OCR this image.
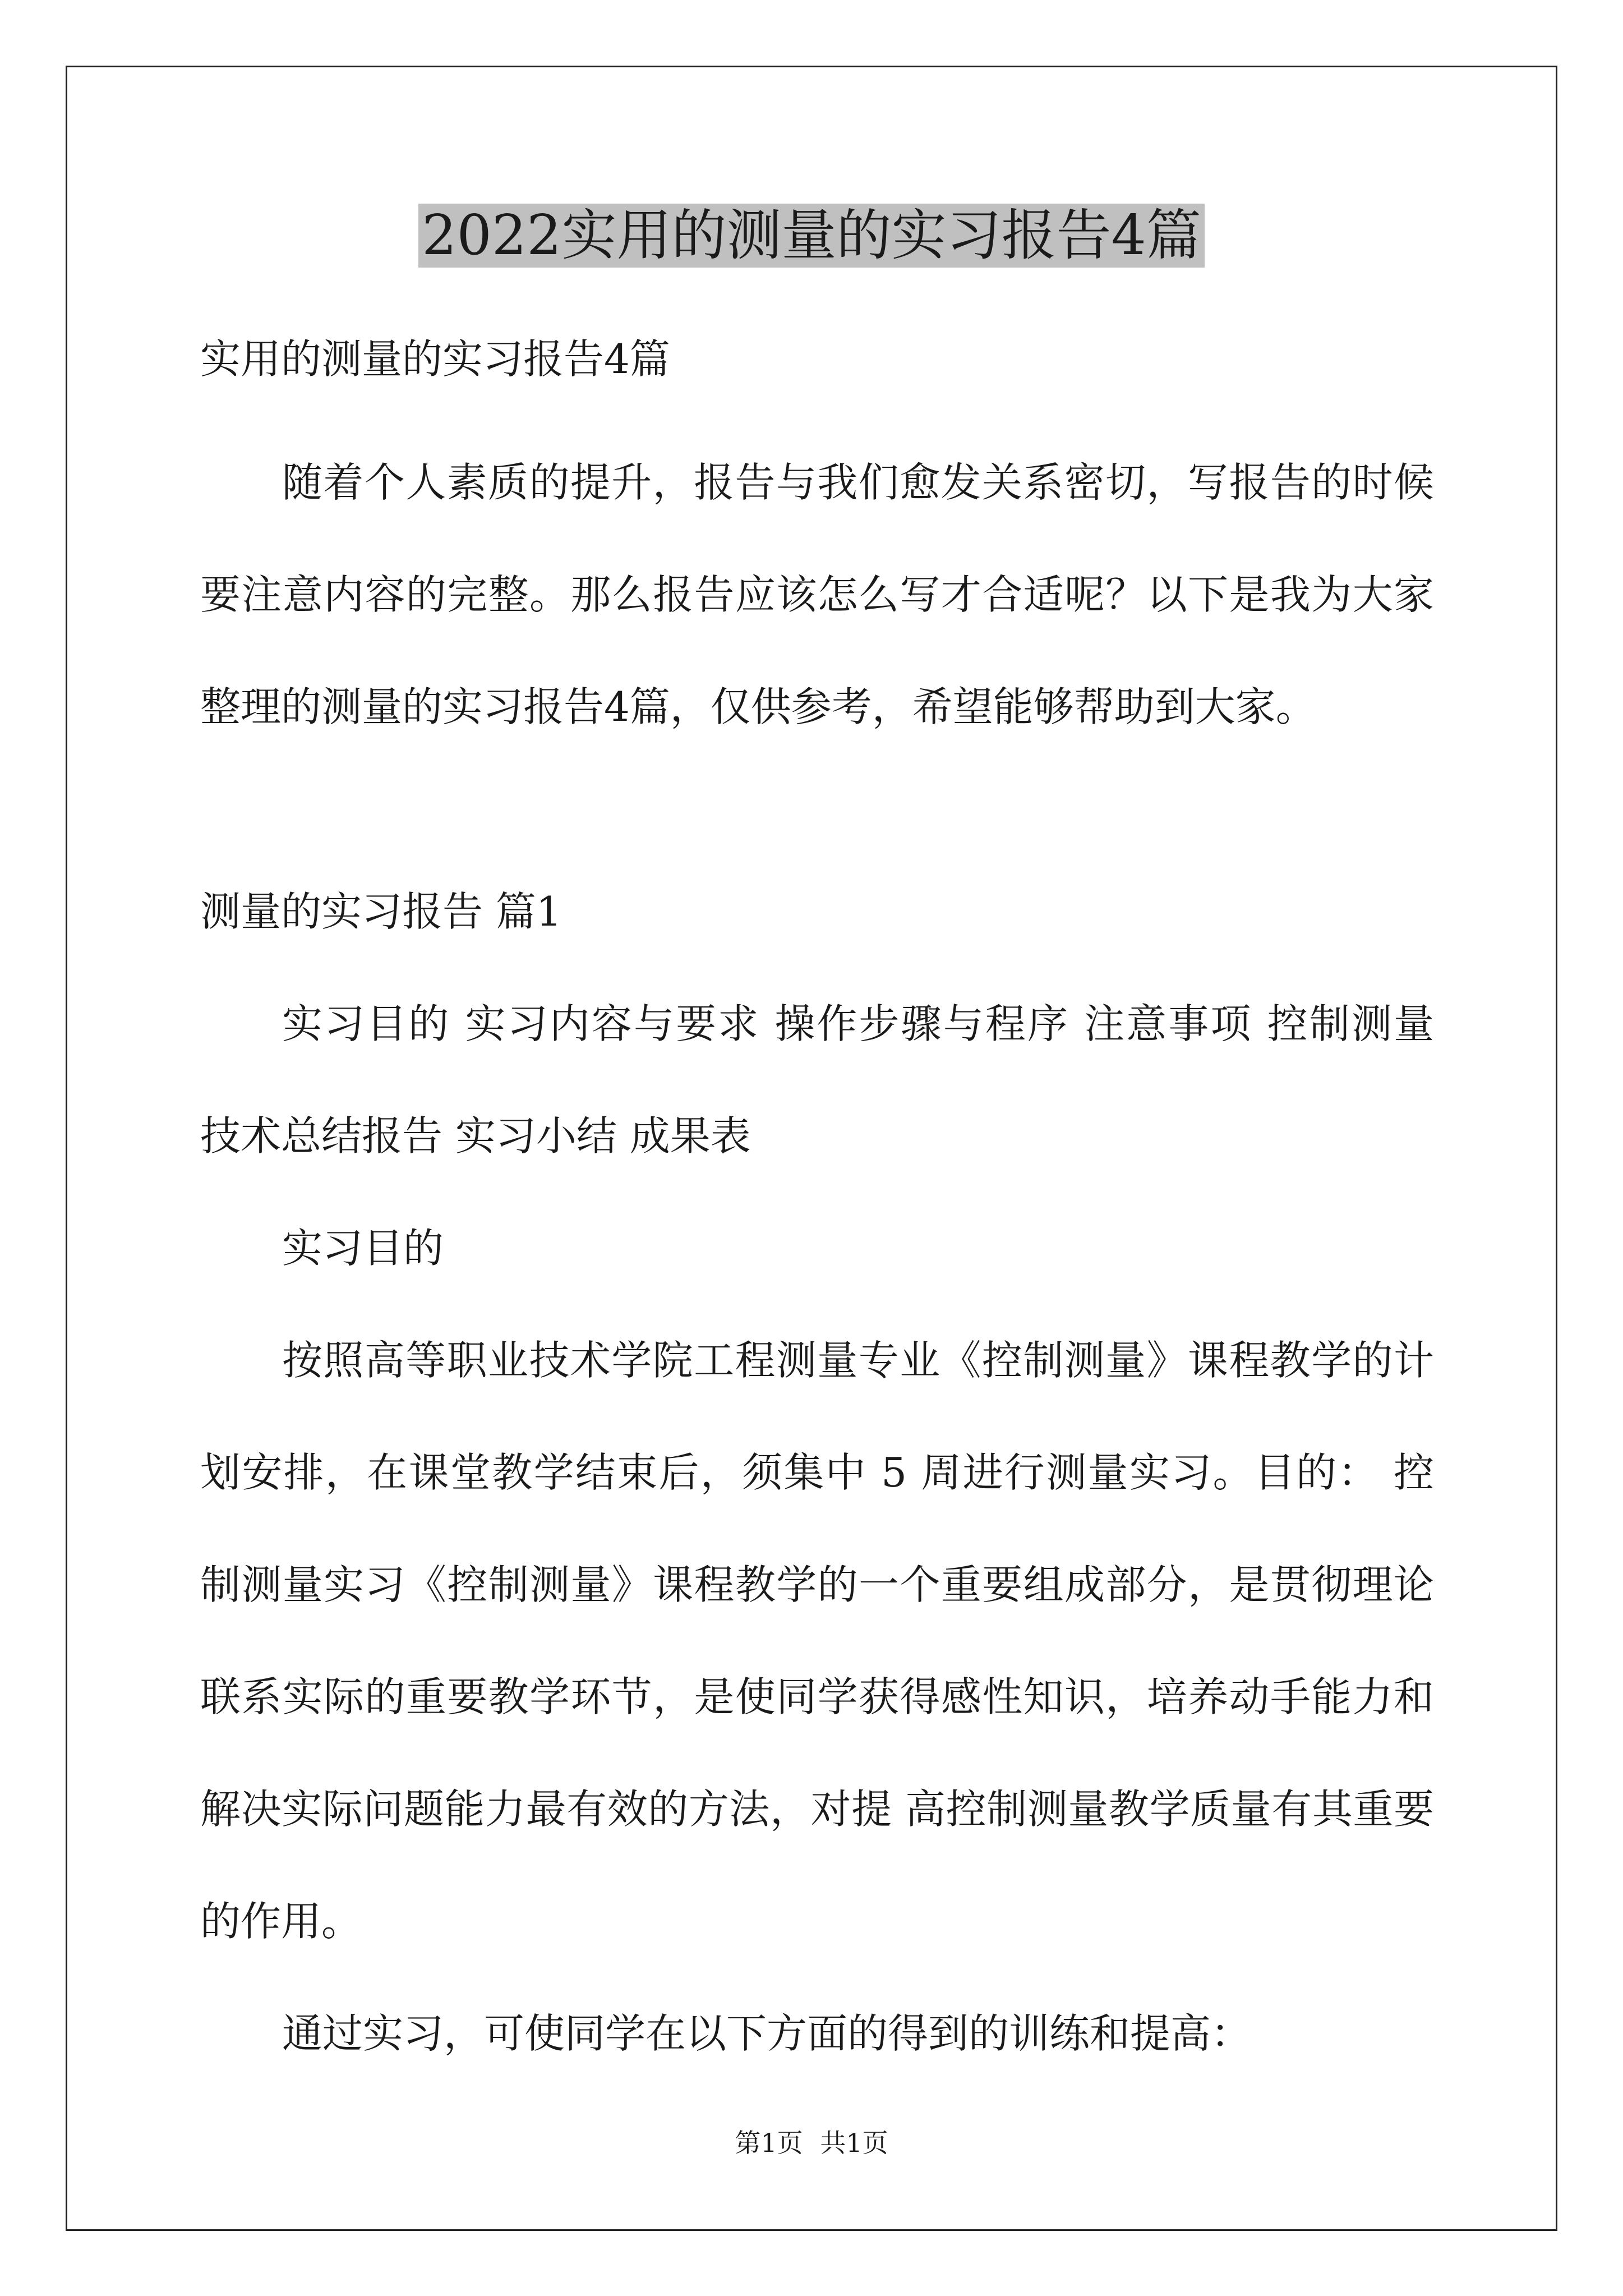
2022实用的测量的实习报告4篇

实用的测量的实习报告4篇

随着个人素质的提升，报告与我们愈发关系密切，写报告的时候

要注意内容的完整。那么报告应该怎么写才合适呢？以下是我为大家

整理的测量的实习报告4篇，仅供参考，希望能够帮助到大家。

测量的实习报告 篇1

实习目的 实习内容与要求 操作步骤与程序 注意事项 控制测量

技术总结报告 实习小结 成果表

实习目的

按照高等职业技术学院工程测量专业《控制测量》课程教学的计

划安排，在课堂教学结束后，须集中 5 周进行测量实习。目的： 控

制测量实习《控制测量》课程教学的一个重要组成部分，是贯彻理论

联系实际的重要教学环节，是使同学获得感性知识，培养动手能力和

解决实际问题能力最有效的方法，对提 高控制测量教学质量有其重要

的作用。

通过实习，可使同学在以下方面的得到的训练和提高：

第1页 共1页
